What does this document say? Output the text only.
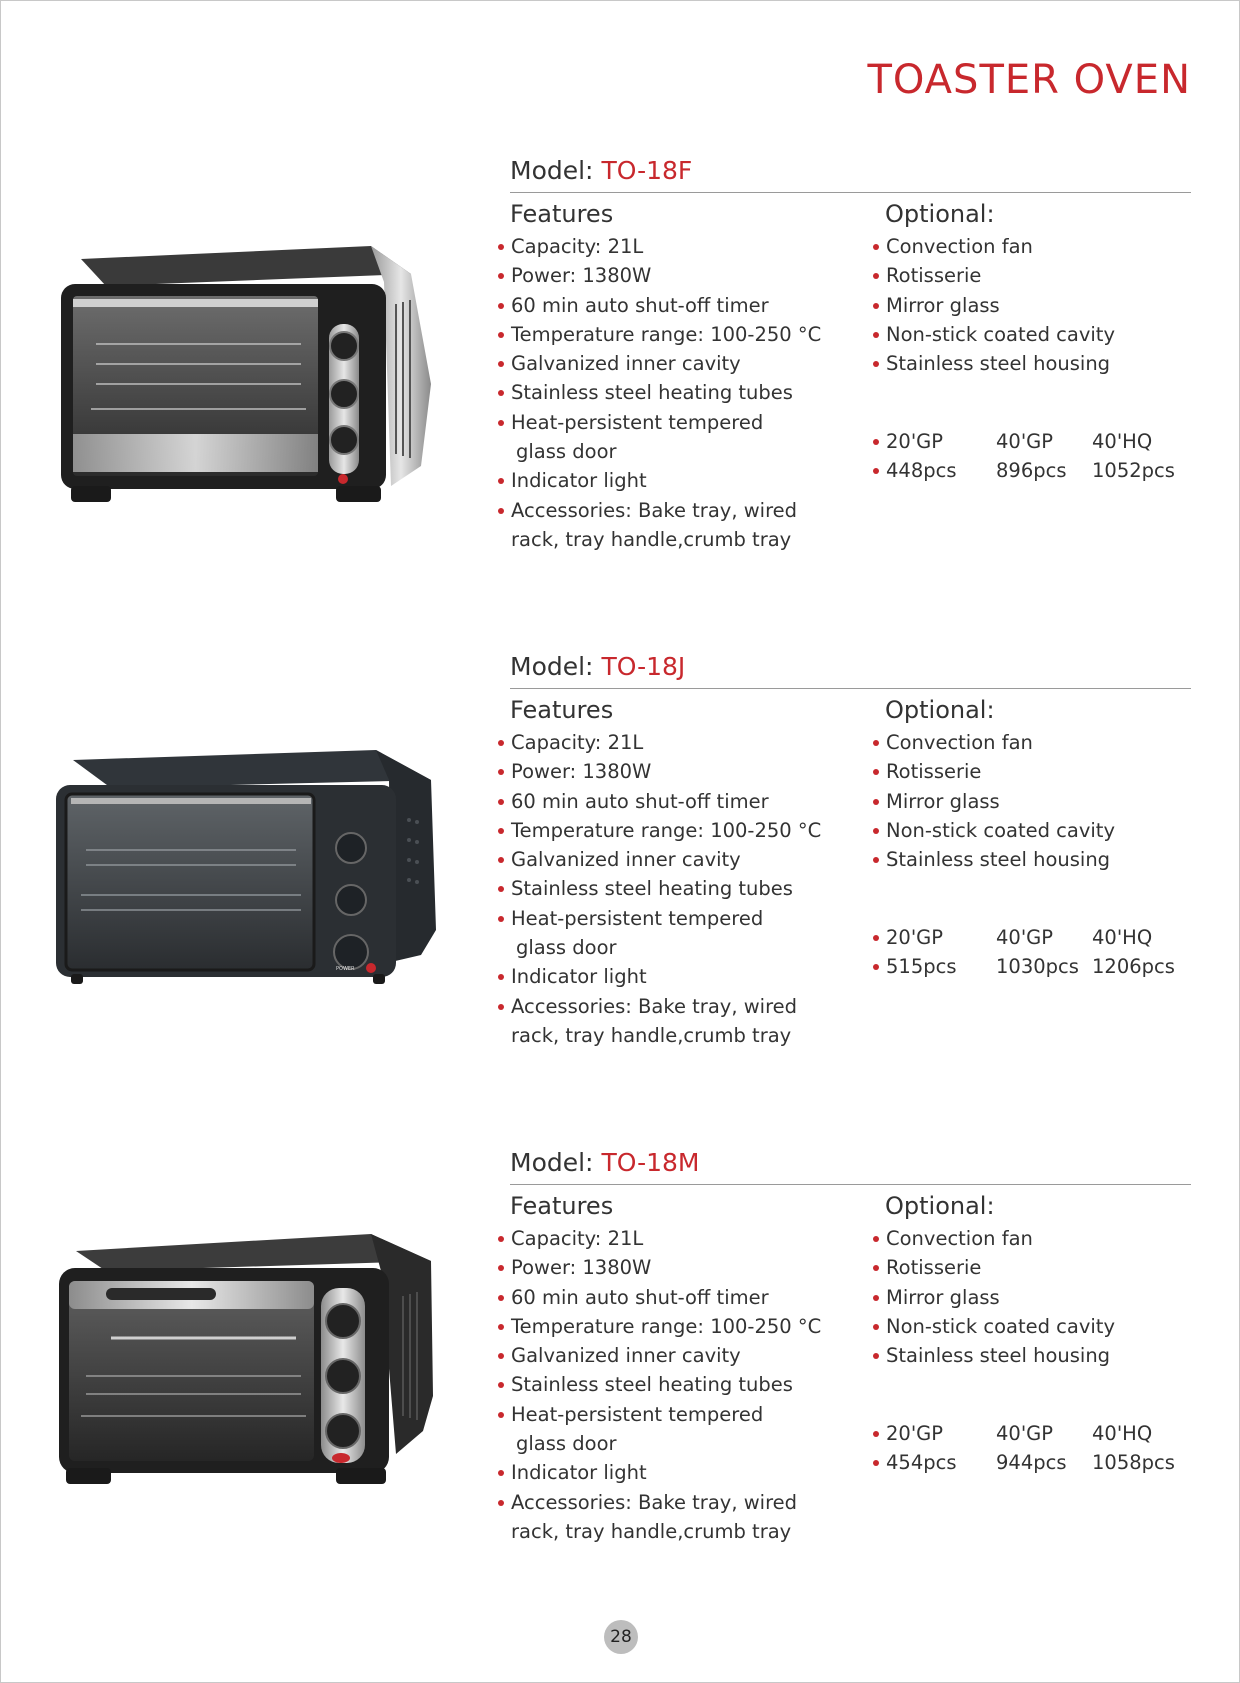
TOASTER OVEN
Model: TO-18F
Features	Optional:
Capacity: 21L
Power: 1380W
60 min auto shut-off timer
Temperature range: 100-250 °C
Galvanized inner cavity
Stainless steel heating tubes
Heat-persistent tempered
glass door
Indicator light
Accessories: Bake tray, wired rack, tray handle,crumb tray
Convection fan
Rotisserie
Mirror glass
Non-stick coated cavity
Stainless steel housing
20'GP	40'GP	40'HQ
448pcs	896pcs	1052pcs
POWER
Model: TO-18J
Features	Optional:
Capacity: 21L
Power: 1380W
60 min auto shut-off timer
Temperature range: 100-250 °C
Galvanized inner cavity
Stainless steel heating tubes
Heat-persistent tempered
glass door
Indicator light
Accessories: Bake tray, wired rack, tray handle,crumb tray
Convection fan
Rotisserie
Mirror glass
Non-stick coated cavity
Stainless steel housing
20'GP	40'GP	40'HQ
515pcs	1030pcs	1206pcs
Model: TO-18M
Features	Optional:
Capacity: 21L
Power: 1380W
60 min auto shut-off timer
Temperature range: 100-250 °C
Galvanized inner cavity
Stainless steel heating tubes
Heat-persistent tempered
glass door
Indicator light
Accessories: Bake tray, wired rack, tray handle,crumb tray
Convection fan
Rotisserie
Mirror glass
Non-stick coated cavity
Stainless steel housing
20'GP	40'GP	40'HQ
454pcs	944pcs	1058pcs
28
